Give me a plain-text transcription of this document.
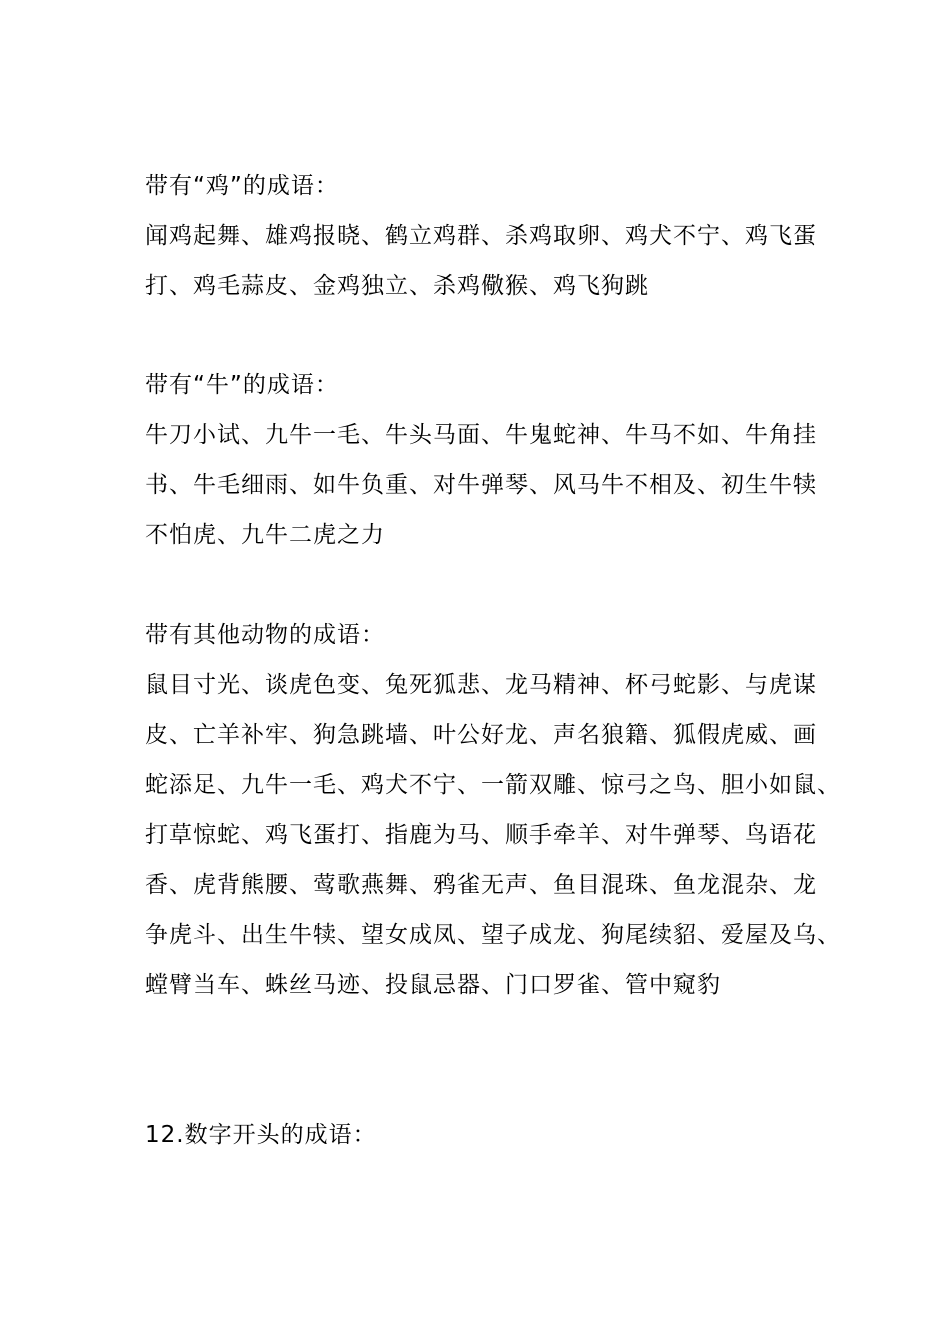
带有“鸡”的成语：
闻鸡起舞、雄鸡报晓、鹤立鸡群、杀鸡取卵、鸡犬不宁、鸡飞蛋
打、鸡毛蒜皮、金鸡独立、杀鸡儆猴、鸡飞狗跳
带有“牛”的成语：
牛刀小试、九牛一毛、牛头马面、牛鬼蛇神、牛马不如、牛角挂
书、牛毛细雨、如牛负重、对牛弹琴、风马牛不相及、初生牛犊
不怕虎、九牛二虎之力
带有其他动物的成语：
鼠目寸光、谈虎色变、兔死狐悲、龙马精神、杯弓蛇影、与虎谋
皮、亡羊补牢、狗急跳墙、叶公好龙、声名狼籍、狐假虎威、画
蛇添足、九牛一毛、鸡犬不宁、一箭双雕、惊弓之鸟、胆小如鼠、
打草惊蛇、鸡飞蛋打、指鹿为马、顺手牵羊、对牛弹琴、鸟语花
香、虎背熊腰、莺歌燕舞、鸦雀无声、鱼目混珠、鱼龙混杂、龙
争虎斗、出生牛犊、望女成凤、望子成龙、狗尾续貂、爱屋及乌、
螳臂当车、蛛丝马迹、投鼠忌器、门口罗雀、管中窥豹
12.数字开头的成语：
